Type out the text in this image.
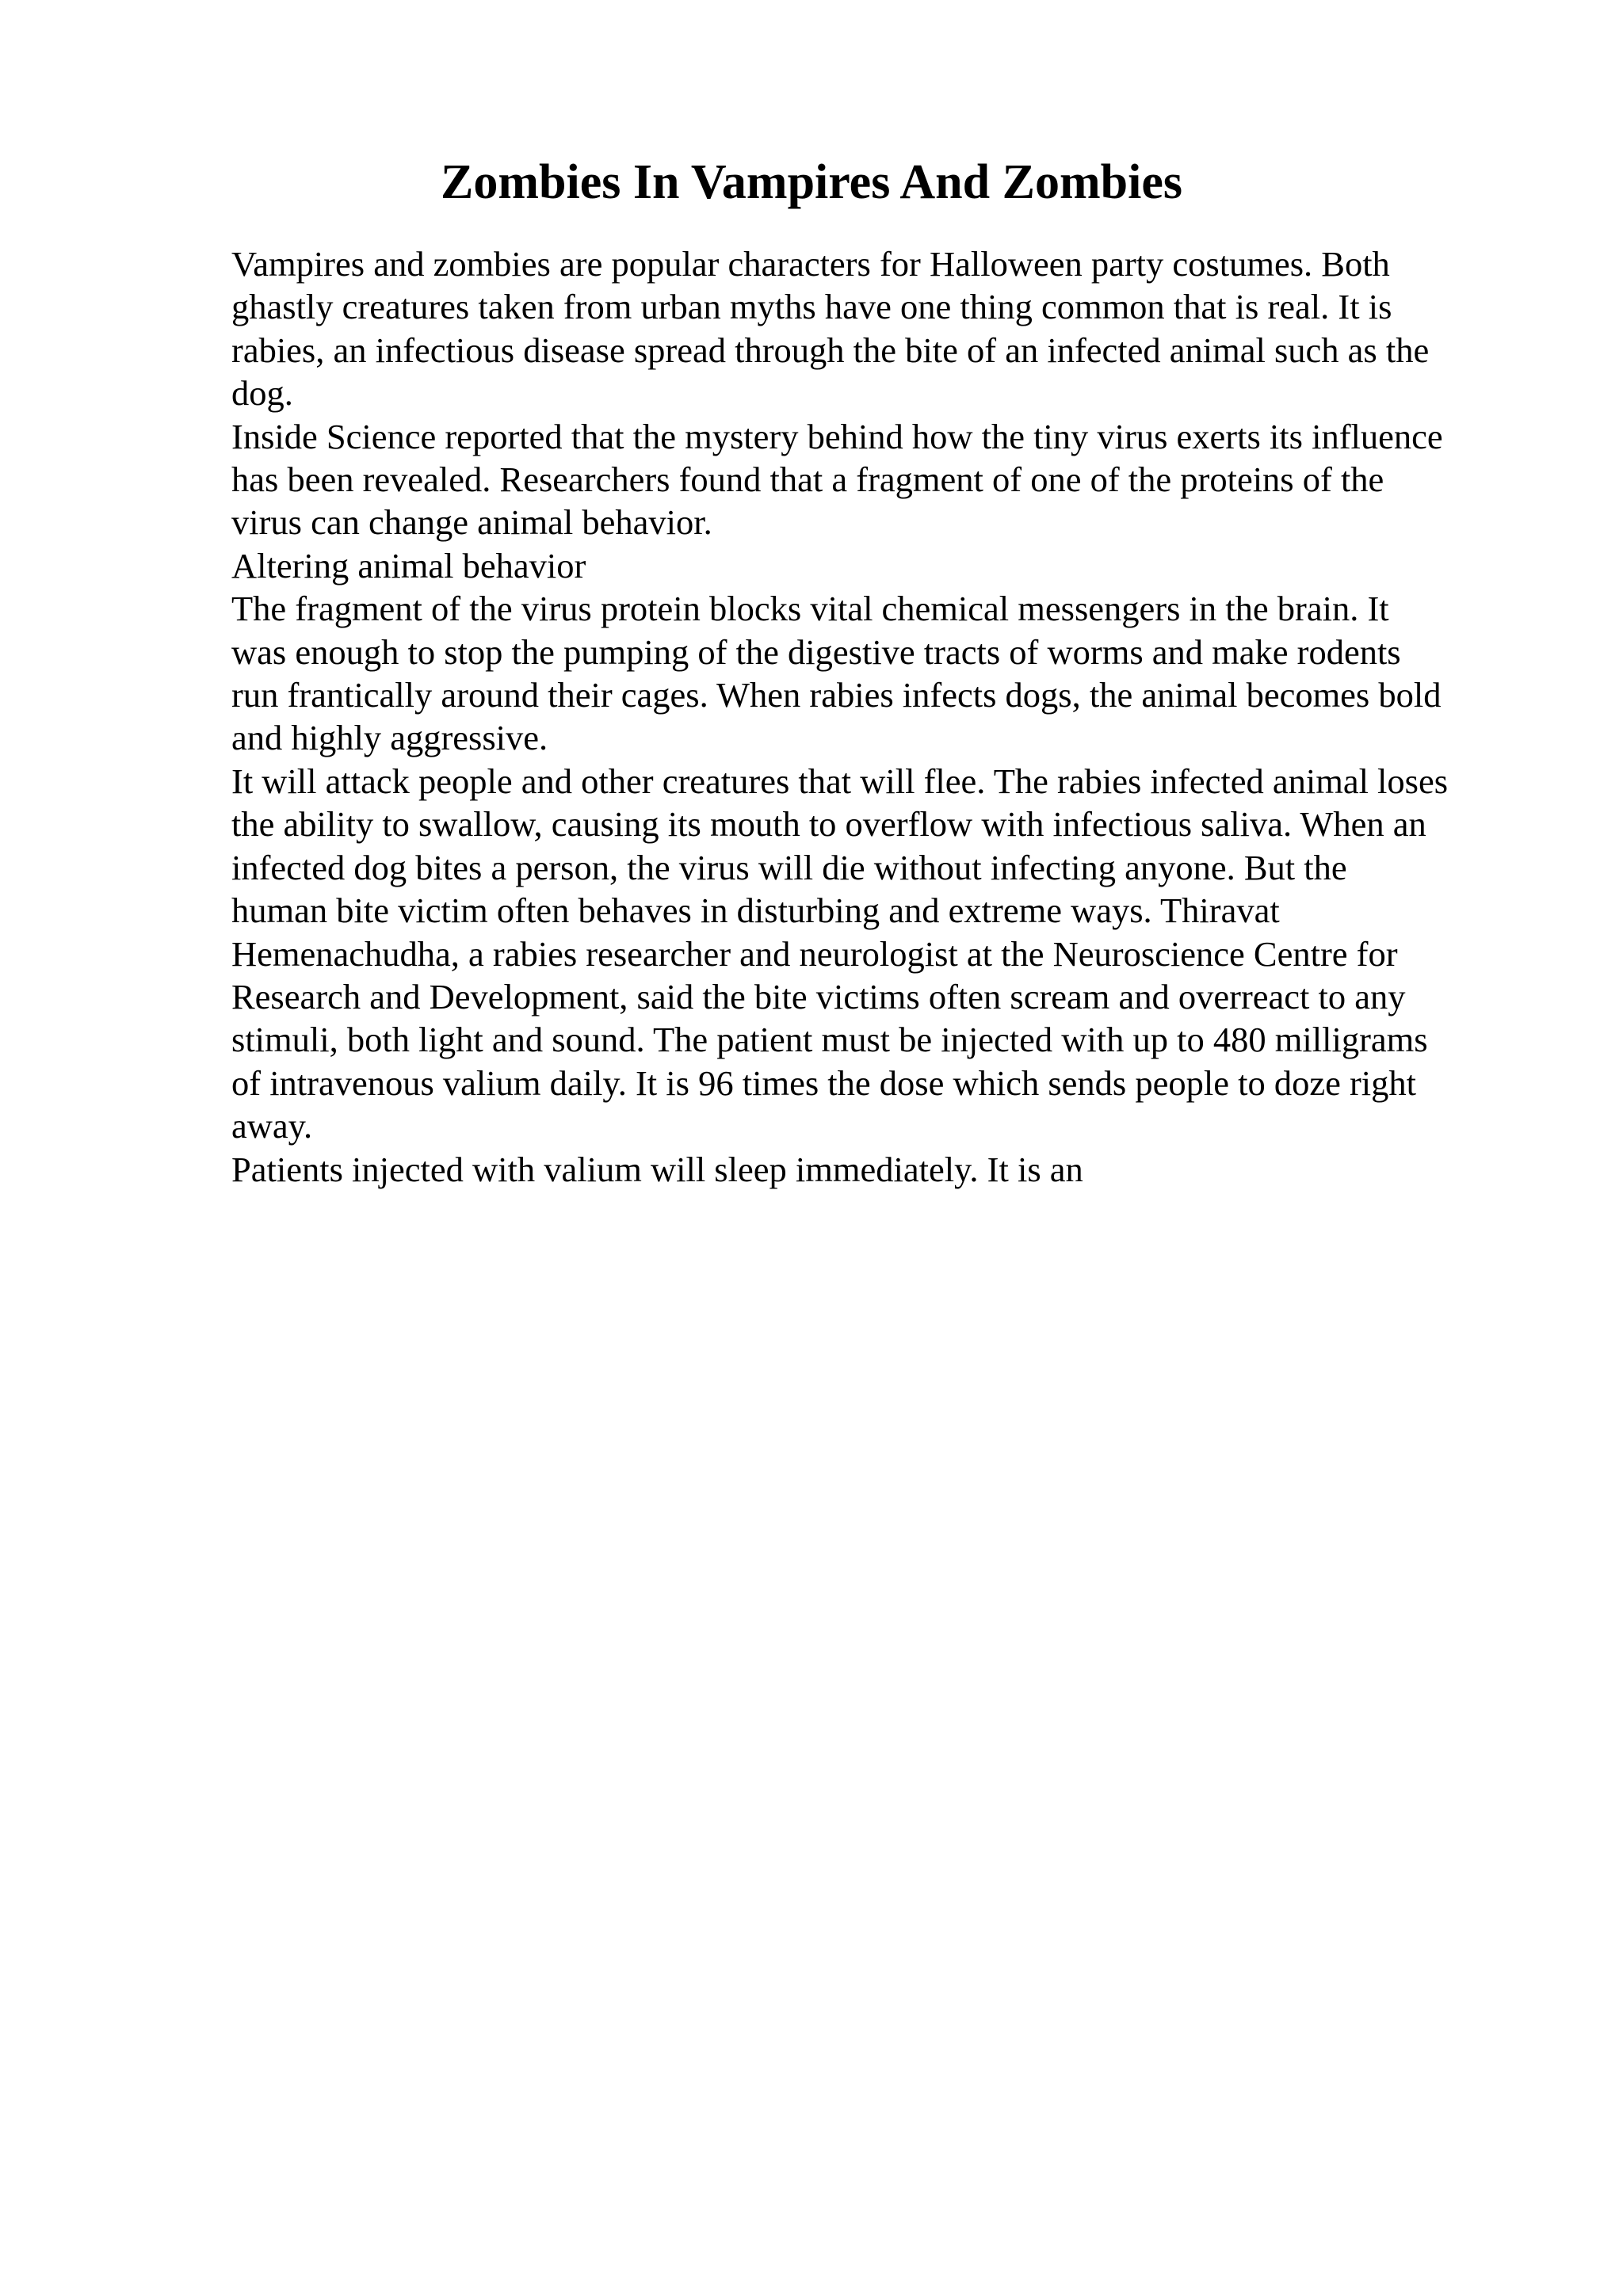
Zombies In Vampires And Zombies

Vampires and zombies are popular characters for Halloween party costumes. Both
ghastly creatures taken from urban myths have one thing common that is real. It is
rabies, an infectious disease spread through the bite of an infected animal such as the
dog.

Inside Science reported that the mystery behind how the tiny virus exerts its influence
has been revealed. Researchers found that a fragment of one of the proteins of the
virus can change animal behavior.

Altering animal behavior

The fragment of the virus protein blocks vital chemical messengers in the brain. It
was enough to stop the pumping of the digestive tracts of worms and make rodents
run frantically around their cages. When rabies infects dogs, the animal becomes bold
and highly aggressive.

It will attack people and other creatures that will flee. The rabies infected animal loses
the ability to swallow, causing its mouth to overflow with infectious saliva. When an
infected dog bites a person, the virus will die without infecting anyone. But the
human bite victim often behaves in disturbing and extreme ways. Thiravat
Hemenachudha, a rabies researcher and neurologist at the Neuroscience Centre for
Research and Development, said the bite victims often scream and overreact to any
stimuli, both light and sound. The patient must be injected with up to 480 milligrams
of intravenous valium daily. It is 96 times the dose which sends people to doze right
away.

Patients injected with valium will sleep immediately. It is an
